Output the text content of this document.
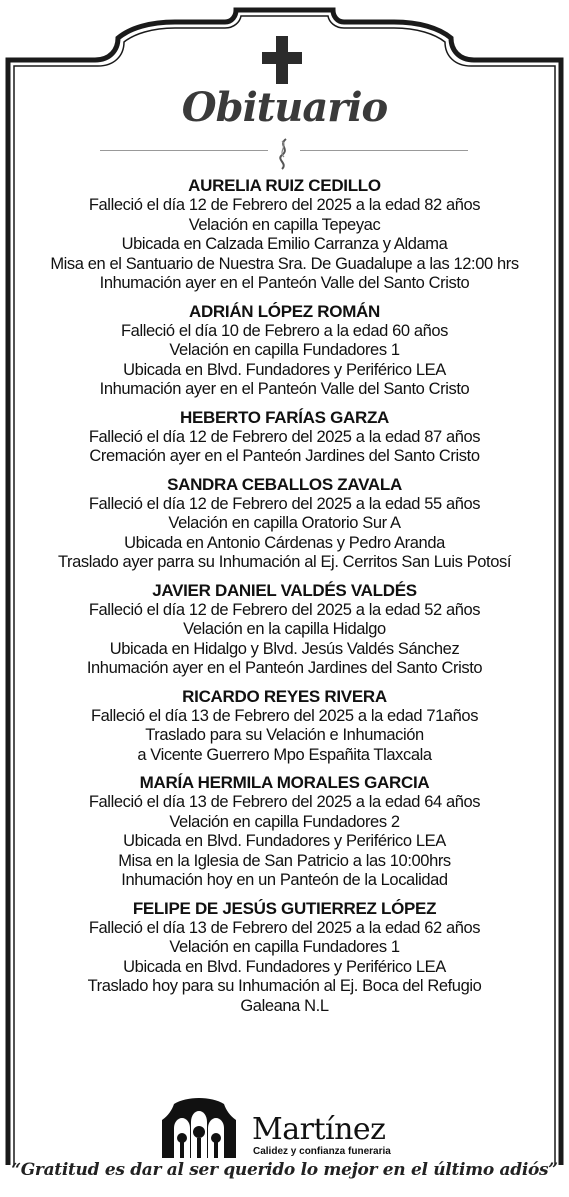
Obituario
AURELIA RUIZ CEDILLO
Falleció el día 12 de Febrero del 2025 a la edad 82 años
Velación en capilla Tepeyac
Ubicada en Calzada Emilio Carranza y Aldama
Misa en el Santuario de Nuestra Sra. De Guadalupe a las 12:00 hrs
Inhumación ayer en el Panteón Valle del Santo Cristo
ADRIÁN LÓPEZ ROMÁN
Falleció el día 10 de Febrero a la edad 60 años
Velación en capilla Fundadores 1
Ubicada en Blvd. Fundadores y Periférico LEA
Inhumación ayer en el Panteón Valle del Santo Cristo
HEBERTO FARÍAS GARZA
Falleció el día 12 de Febrero del 2025 a la edad 87 años
Cremación ayer en el Panteón Jardines del Santo Cristo
SANDRA CEBALLOS ZAVALA
Falleció el día 12 de Febrero del 2025 a la edad 55 años
Velación en capilla Oratorio Sur A
Ubicada en Antonio Cárdenas y Pedro Aranda
Traslado ayer parra su Inhumación al Ej. Cerritos San Luis Potosí
JAVIER DANIEL VALDÉS VALDÉS
Falleció el día 12 de Febrero del 2025 a la edad 52 años
Velación en la capilla Hidalgo
Ubicada en Hidalgo y Blvd. Jesús Valdés Sánchez
Inhumación ayer en el Panteón Jardines del Santo Cristo
RICARDO REYES RIVERA
Falleció el día 13 de Febrero del 2025 a la edad 71años
Traslado para su Velación e Inhumación
a Vicente Guerrero Mpo Españita Tlaxcala
MARÍA HERMILA MORALES GARCIA
Falleció el día 13 de Febrero del 2025 a la edad 64 años
Velación en capilla Fundadores 2
Ubicada en Blvd. Fundadores y Periférico LEA
Misa en la Iglesia de San Patricio a las 10:00hrs
Inhumación hoy en un Panteón de la Localidad
FELIPE DE JESÚS GUTIERREZ LÓPEZ
Falleció el día 13 de Febrero del 2025 a la edad 62 años
Velación en capilla Fundadores 1
Ubicada en Blvd. Fundadores y Periférico LEA
Traslado hoy para su Inhumación al Ej. Boca del Refugio
Galeana N.L
Martínez
Calidez y confianza funeraria
“Gratitud es dar al ser querido lo mejor en el último adiós”
